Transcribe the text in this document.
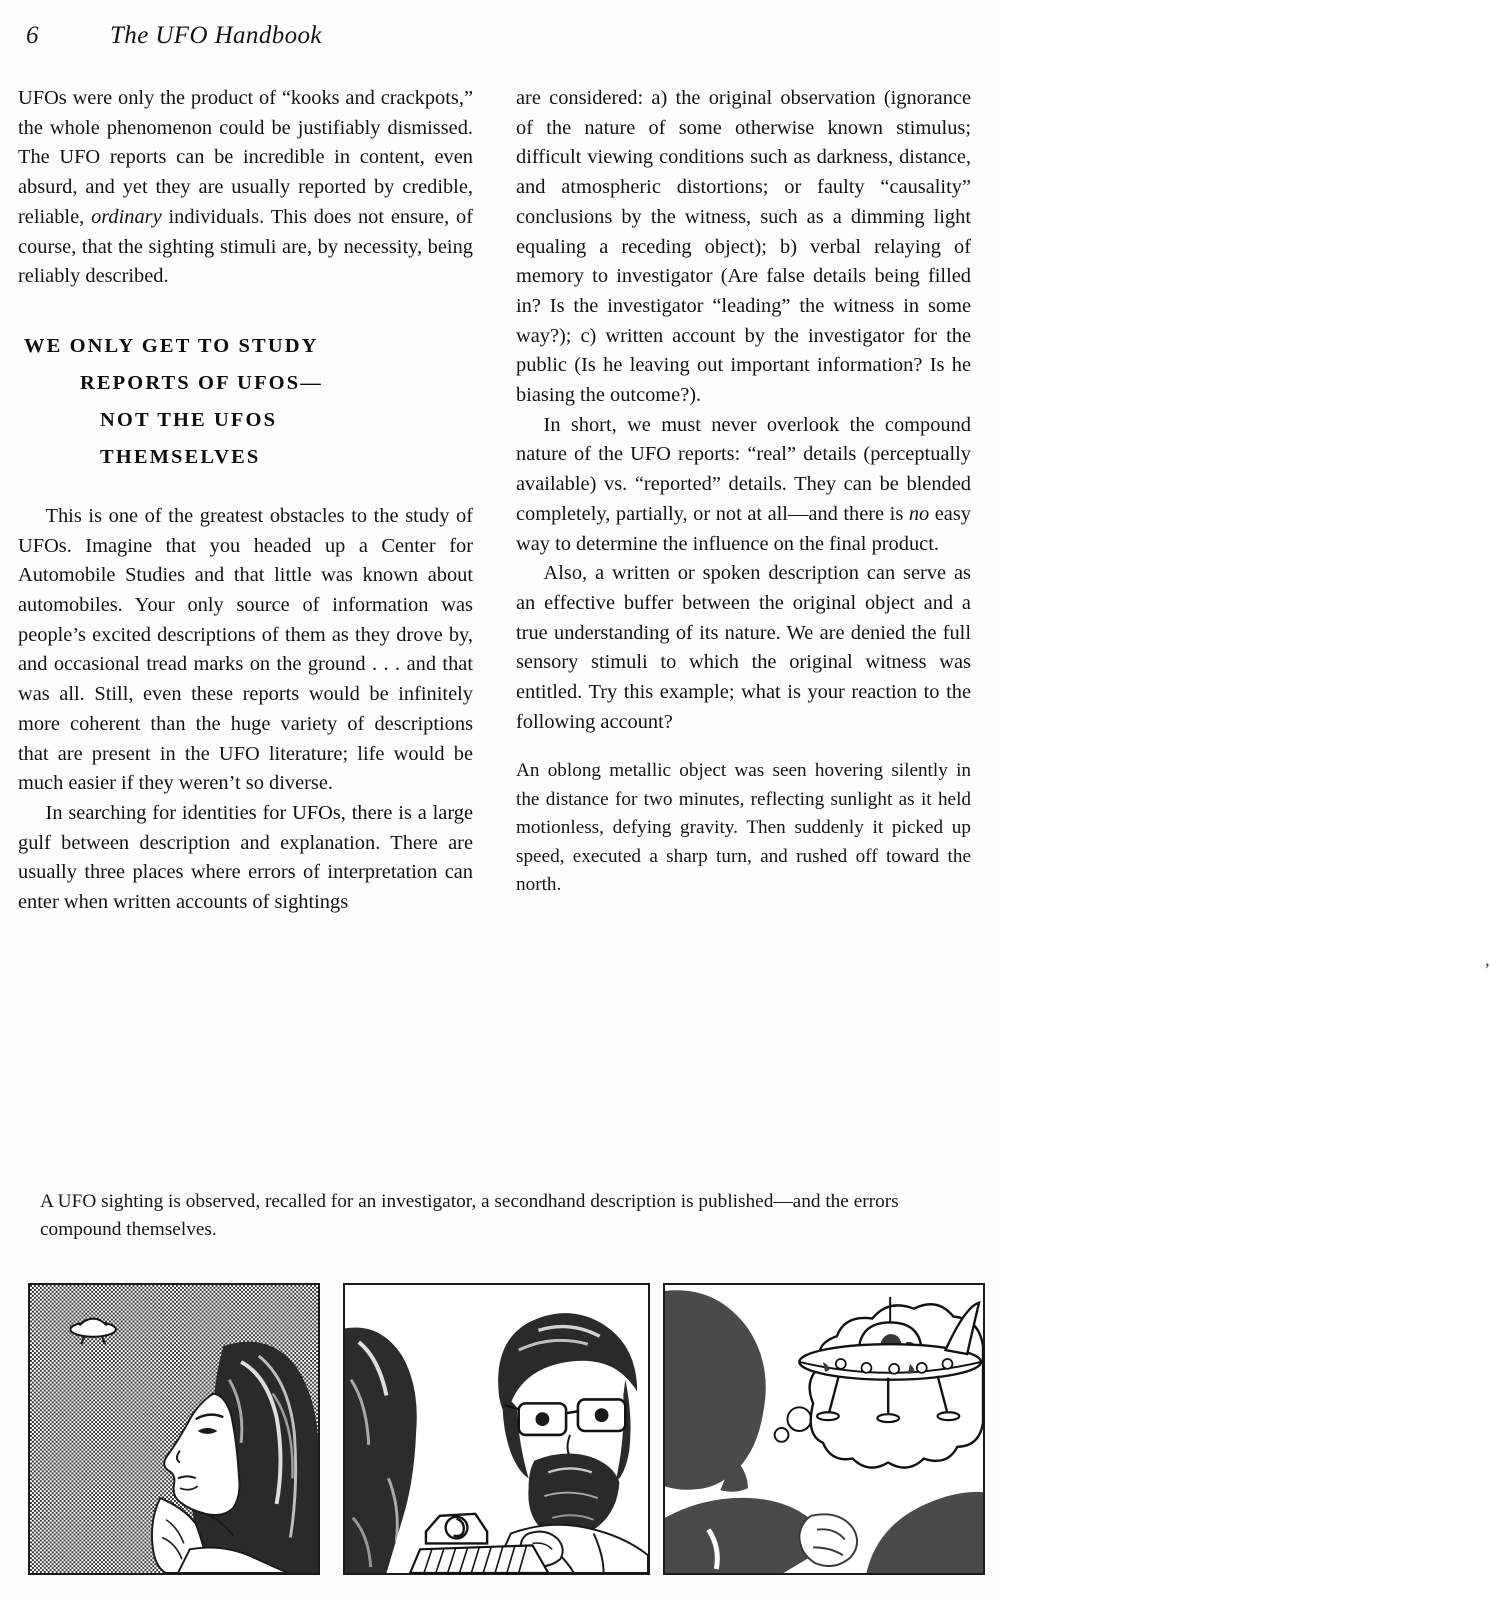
6	The UFO Handbook

UFOs were only the product of “kooks and crackpots,” the whole phenomenon could be justifiably dismissed. The UFO reports can be incredible in content, even absurd, and yet they are usually reported by credible, reliable, ordinary individuals. This does not ensure, of course, that the sighting stimuli are, by necessity, being reliably described.

WE ONLY GET TO STUDY
REPORTS OF UFOS—
NOT THE UFOS
THEMSELVES

This is one of the greatest obstacles to the study of UFOs. Imagine that you headed up a Center for Automobile Studies and that little was known about automobiles. Your only source of information was people’s excited descriptions of them as they drove by, and occasional tread marks on the ground . . . and that was all. Still, even these reports would be infinitely more coherent than the huge variety of descriptions that are present in the UFO literature; life would be much easier if they weren’t so diverse.

In searching for identities for UFOs, there is a large gulf between description and explanation. There are usually three places where errors of interpretation can enter when written accounts of sightings

are considered: a) the original observation (ignorance of the nature of some otherwise known stimulus; difficult viewing conditions such as darkness, distance, and atmospheric distortions; or faulty “causality” conclusions by the witness, such as a dimming light equaling a receding object); b) verbal relaying of memory to investigator (Are false details being filled in? Is the investigator “leading” the witness in some way?); c) written account by the investigator for the public (Is he leaving out important information? Is he biasing the outcome?).

In short, we must never overlook the compound nature of the UFO reports: “real” details (perceptually available) vs. “reported” details. They can be blended completely, partially, or not at all—and there is no easy way to determine the influence on the final product.

Also, a written or spoken description can serve as an effective buffer between the original object and a true understanding of its nature. We are denied the full sensory stimuli to which the original witness was entitled. Try this example; what is your reaction to the following account?

An oblong metallic object was seen hovering silently in the distance for two minutes, reflecting sunlight as it held motionless, defying gravity. Then suddenly it picked up speed, executed a sharp turn, and rushed off toward the north.

’
A UFO sighting is observed, recalled for an investigator, a secondhand description is published—and the errors compound themselves.
